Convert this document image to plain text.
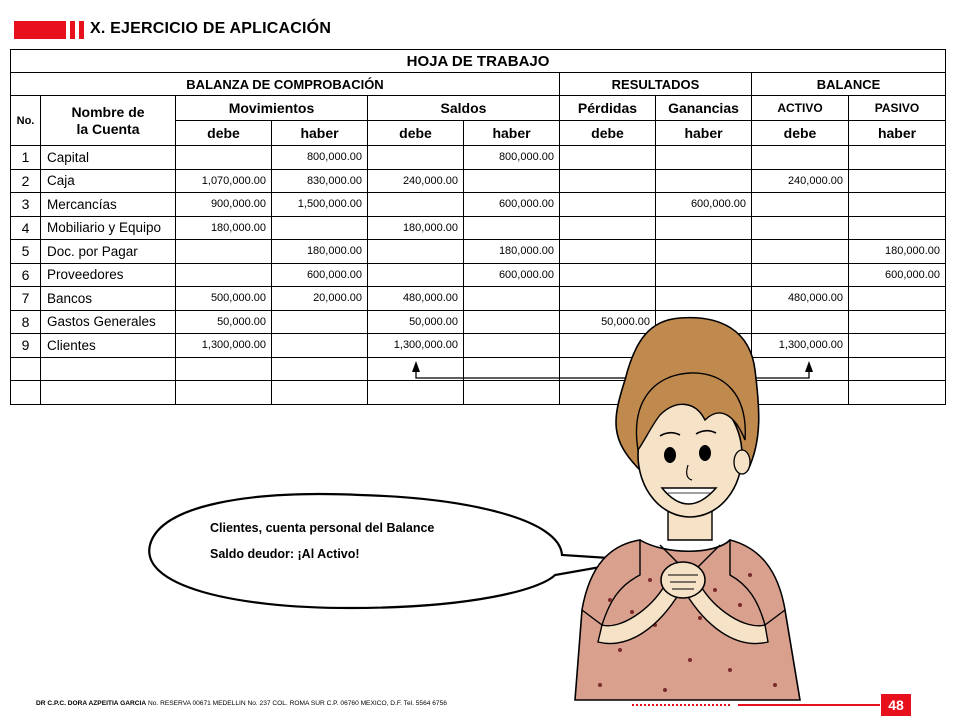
X. EJERCICIO DE APLICACIÓN
HOJA DE TRABAJO									
BALANZA DE COMPROBACIÓN						RESULTADOS		BALANCE	
No.	Nombre de
la Cuenta	Movimientos		Saldos		Pérdidas	Ganancias	ACTIVO	PASIVO
		debe	haber	debe	haber	debe	haber	debe	haber
1	Capital		800,000.00		800,000.00				
2	Caja	1,070,000.00	830,000.00	240,000.00				240,000.00	
3	Mercancías	900,000.00	1,500,000.00		600,000.00		600,000.00		
4	Mobiliario y Equipo	180,000.00		180,000.00					
5	Doc. por Pagar		180,000.00		180,000.00				180,000.00
6	Proveedores		600,000.00		600,000.00				600,000.00
7	Bancos	500,000.00	20,000.00	480,000.00				480,000.00	
8	Gastos Generales	50,000.00		50,000.00		50,000.00			
9	Clientes	1,300,000.00		1,300,000.00				1,300,000.00	

Clientes, cuenta personal del Balance
Saldo deudor: ¡Al Activo!
DR C.P.C. DORA AZPEITIA GARCIA No. RESERVA 00671 MEDELLIN No. 237 COL. ROMA SUR C.P. 06760 MEXICO, D.F. Tel. 5564 6756	48
